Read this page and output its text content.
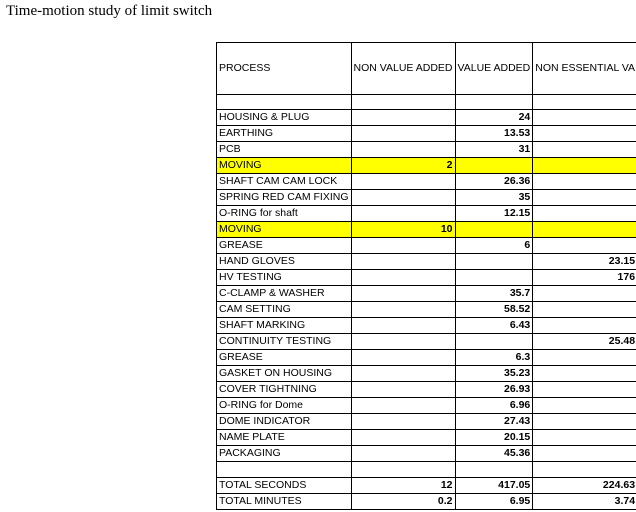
Time-motion study of limit switch
PROCESS	NON VALUE ADDED	VALUE ADDED	NON ESSENTIAL VA

HOUSING & PLUG		24	
EARTHING		13.53	
PCB		31	
MOVING	2		
SHAFT CAM CAM LOCK		26.36	
SPRING RED CAM FIXING		35	
O-RING for shaft		12.15	
MOVING	10		
GREASE		6	
HAND GLOVES			23.15
HV TESTING			176
C-CLAMP & WASHER		35.7	
CAM SETTING		58.52	
SHAFT MARKING		6.43	
CONTINUITY TESTING			25.48
GREASE		6.3	
GASKET ON HOUSING		35.23	
COVER TIGHTNING		26.93	
O-RING for Dome		6.96	
DOME INDICATOR		27.43	
NAME PLATE		20.15	
PACKAGING		45.36	

TOTAL SECONDS	12	417.05	224.63
TOTAL MINUTES	0.2	6.95	3.74
